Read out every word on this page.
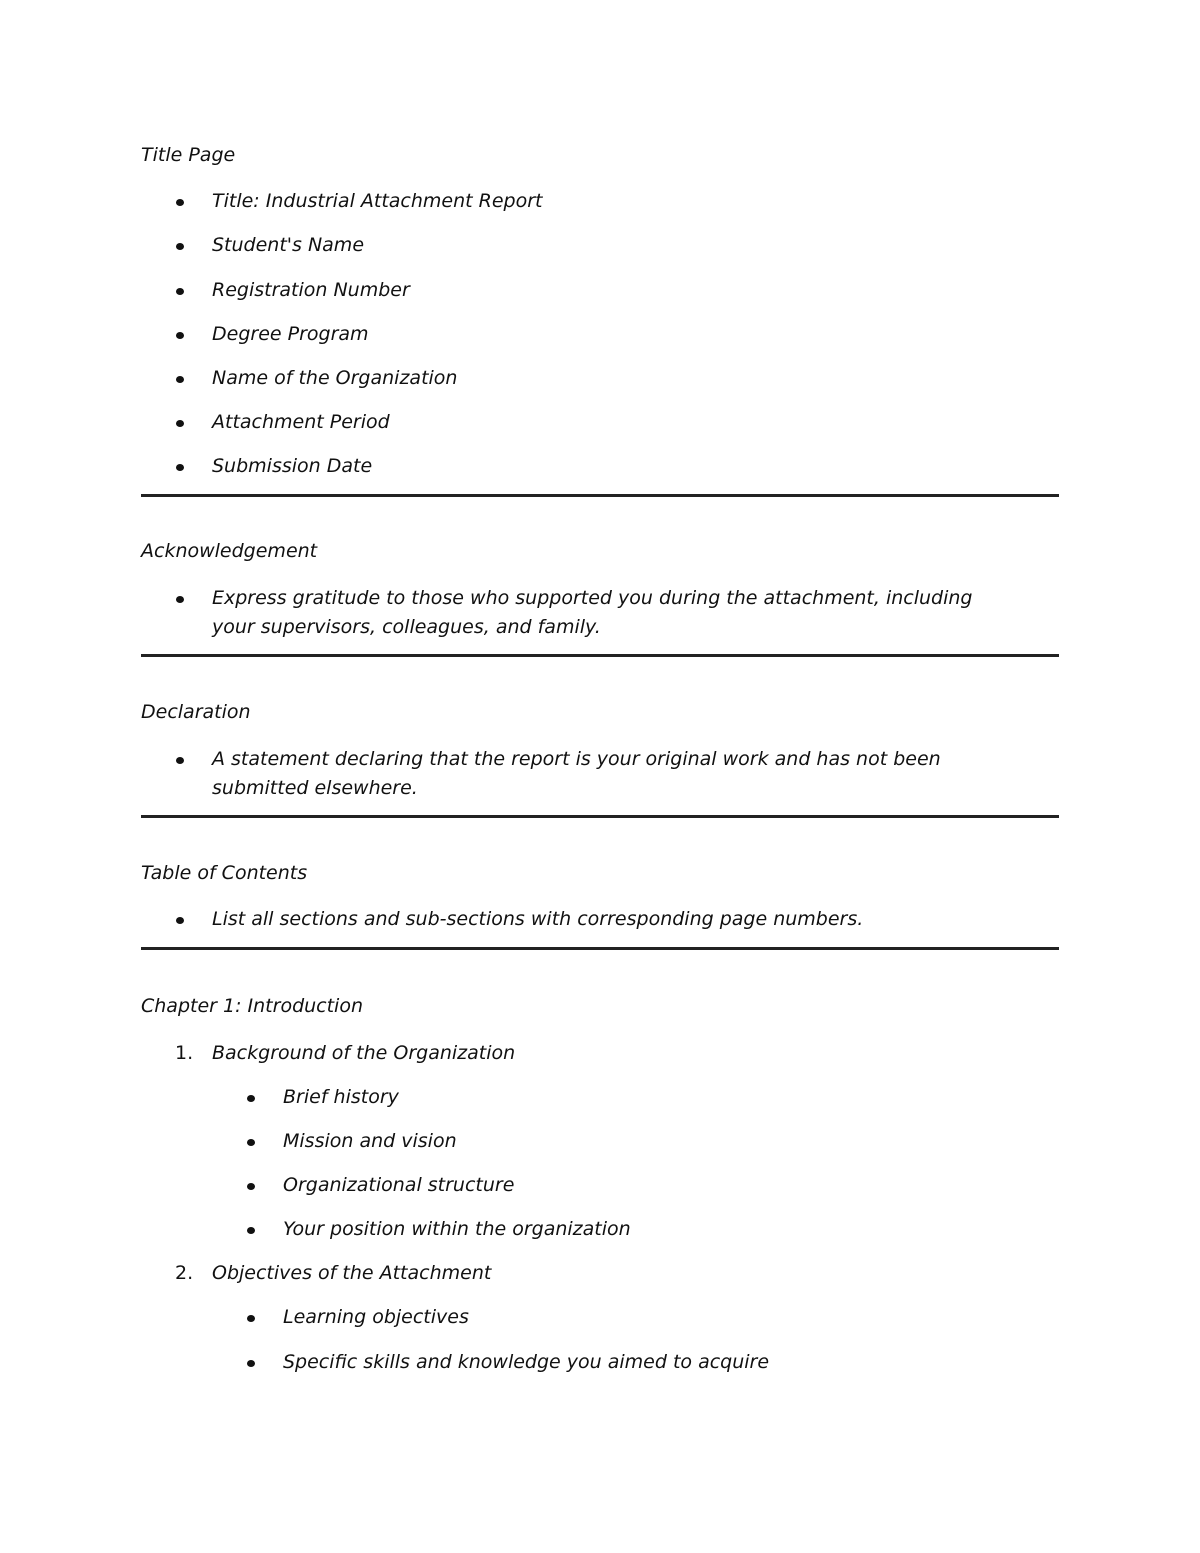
Title Page
Title: Industrial Attachment Report
Student's Name
Registration Number
Degree Program
Name of the Organization
Attachment Period
Submission Date
Acknowledgement
Express gratitude to those who supported you during the attachment, including your supervisors, colleagues, and family.
Declaration
A statement declaring that the report is your original work and has not been submitted elsewhere.
Table of Contents
List all sections and sub-sections with corresponding page numbers.
Chapter 1: Introduction
1. Background of the Organization
Brief history
Mission and vision
Organizational structure
Your position within the organization
2. Objectives of the Attachment
Learning objectives
Specific skills and knowledge you aimed to acquire
